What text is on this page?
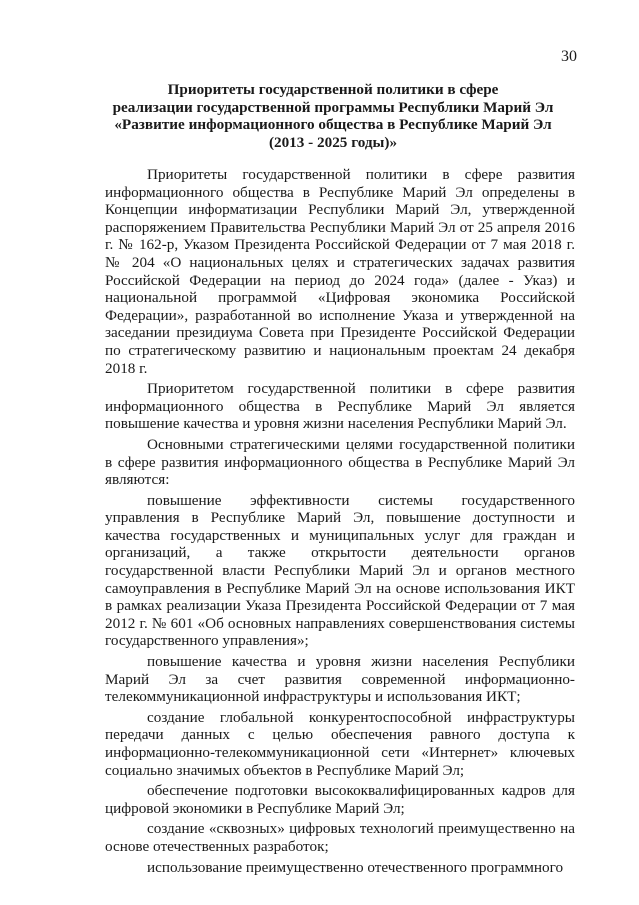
30
Приоритеты государственной политики в сфере
реализации государственной программы Республики Марий Эл
«Развитие информационного общества в Республике Марий Эл
(2013 - 2025 годы)»

Приоритеты государственной политики в сфере развития информационного общества в Республике Марий Эл определены в Концепции информатизации Республики Марий Эл, утвержденной распоряжением Правительства Республики Марий Эл от 25 апреля 2016 г. № 162-р, Указом Президента Российской Федерации от 7 мая 2018 г. № 204 «О национальных целях и стратегических задачах развития Российской Федерации на период до 2024 года» (далее - Указ) и национальной программой «Цифровая экономика Российской Федерации», разработанной во исполнение Указа и утвержденной на заседании президиума Совета при Президенте Российской Федерации по стратегическому развитию и национальным проектам 24 декабря 2018 г.

Приоритетом государственной политики в сфере развития информационного общества в Республике Марий Эл является повышение качества и уровня жизни населения Республики Марий Эл.

Основными стратегическими целями государственной политики в сфере развития информационного общества в Республике Марий Эл являются:

повышение эффективности системы государственного управления в Республике Марий Эл, повышение доступности и качества государственных и муниципальных услуг для граждан и организаций, а также открытости деятельности органов государственной власти Республики Марий Эл и органов местного самоуправления в Республике Марий Эл на основе использования ИКТ в рамках реализации Указа Президента Российской Федерации от 7 мая 2012 г. № 601 «Об основных направлениях совершенствования системы государственного управления»;

повышение качества и уровня жизни населения Республики Марий Эл за счет развития современной информационно-телекоммуникационной инфраструктуры и использования ИКТ;

создание глобальной конкурентоспособной инфраструктуры передачи данных с целью обеспечения равного доступа к информационно-телекоммуникационной сети «Интернет» ключевых социально значимых объектов в Республике Марий Эл;

обеспечение подготовки высококвалифицированных кадров для цифровой экономики в Республике Марий Эл;

создание «сквозных» цифровых технологий преимущественно на основе отечественных разработок;

использование преимущественно отечественного программного
